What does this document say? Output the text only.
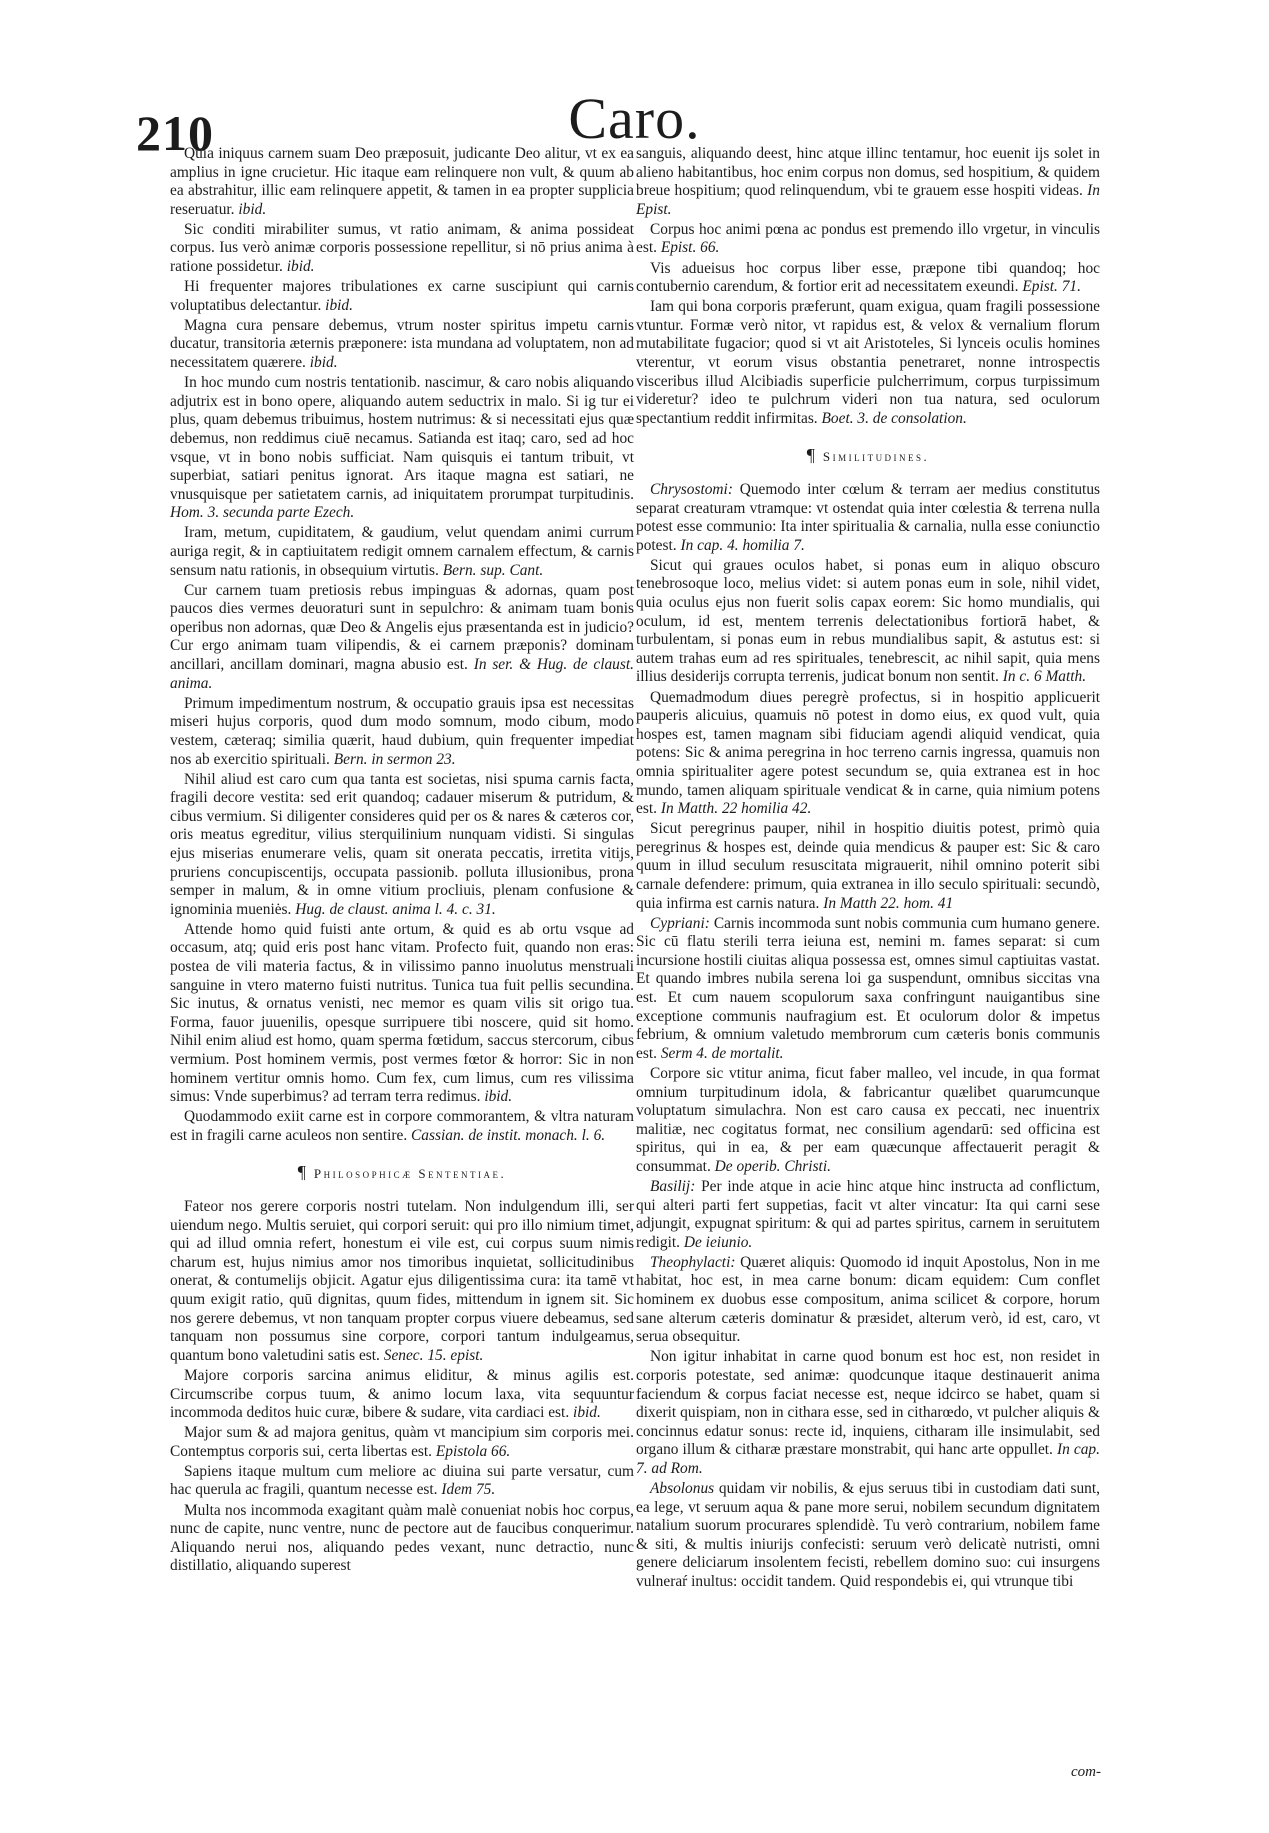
210	Caro.

Quia iniquus carnem suam Deo præposuit, judicante Deo alitur, vt ex ea amplius in igne crucietur. Hic itaque eam relinquere non vult, & quum ab ea abstrahitur, illic eam relinquere appetit, & tamen in ea propter supplicia reseruatur. ibid.

Sic conditi mirabiliter sumus, vt ratio animam, & anima possideat corpus. Ius verò animæ corporis possessione repellitur, si nō prius anima à ratione possidetur. ibid.

Hi frequenter majores tribulationes ex carne suscipiunt qui carnis voluptatibus delectantur. ibid.

Magna cura pensare debemus, vtrum noster spiritus impetu carnis ducatur, transitoria æternis præponere: ista mundana ad voluptatem, non ad necessitatem quærere. ibid.

In hoc mundo cum nostris tentationib. nascimur, & caro nobis aliquando adjutrix est in bono opere, aliquando autem seductrix in malo. Si ig tur ei plus, quam debemus tribuimus, hostem nutrimus: & si necessitati ejus quæ debemus, non reddimus ciuē necamus. Satianda est itaq; caro, sed ad hoc vsque, vt in bono nobis sufficiat. Nam quisquis ei tantum tribuit, vt superbiat, satiari penitus ignorat. Ars itaque magna est satiari, ne vnusquisque per satietatem carnis, ad iniquitatem prorumpat turpitudinis. Hom. 3. secunda parte Ezech.

Iram, metum, cupiditatem, & gaudium, velut quendam animi currum auriga regit, & in captiuitatem redigit omnem carnalem effectum, & carnis sensum natu rationis, in obsequium virtutis. Bern. sup. Cant.

Cur carnem tuam pretiosis rebus impinguas & adornas, quam post paucos dies vermes deuoraturi sunt in sepulchro: & animam tuam bonis operibus non adornas, quæ Deo & Angelis ejus præsentanda est in judicio? Cur ergo animam tuam vilipendis, & ei carnem præponis? dominam ancillari, ancillam dominari, magna abusio est. In ser. & Hug. de claust. anima.

Primum impedimentum nostrum, & occupatio grauis ipsa est necessitas miseri hujus corporis, quod dum modo somnum, modo cibum, modo vestem, cæteraq; similia quærit, haud dubium, quin frequenter impediat nos ab exercitio spirituali. Bern. in sermon 23.

Nihil aliud est caro cum qua tanta est societas, nisi spuma carnis facta, fragili decore vestita: sed erit quandoq; cadauer miserum & putridum, & cibus vermium. Si diligenter consideres quid per os & nares & cæteros cor, oris meatus egreditur, vilius sterquilinium nunquam vidisti. Si singulas ejus miserias enumerare velis, quam sit onerata peccatis, irretita vitijs, pruriens concupiscentijs, occupata passionib. polluta illusionibus, prona semper in malum, & in omne vitium procliuis, plenam confusione & ignominia mueniės. Hug. de claust. anima l. 4. c. 31.

Attende homo quid fuisti ante ortum, & quid es ab ortu vsque ad occasum, atq; quid eris post hanc vitam. Profecto fuit, quando non eras: postea de vili materia factus, & in vilissimo panno inuolutus menstruali sanguine in vtero materno fuisti nutritus. Tunica tua fuit pellis secundina. Sic inutus, & ornatus venisti, nec memor es quam vilis sit origo tua. Forma, fauor juuenilis, opesque surripuere tibi noscere, quid sit homo. Nihil enim aliud est homo, quam sperma fœtidum, saccus stercorum, cibus vermium. Post hominem vermis, post vermes fœtor & horror: Sic in non hominem vertitur omnis homo. Cum fex, cum limus, cum res vilissima simus: Vnde superbimus? ad terram terra redimus. ibid.

Quodammodo exiit carne est in corpore commorantem, & vltra naturam est in fragili carne aculeos non sentire. Cassian. de instit. monach. l. 6.

¶ Philosophicæ Sententiae.

Fateor nos gerere corporis nostri tutelam. Non indulgendum illi, ser uiendum nego. Multis seruiet, qui corpori seruit: qui pro illo nimium timet, qui ad illud omnia refert, honestum ei vile est, cui corpus suum nimis charum est, hujus nimius amor nos timoribus inquietat, sollicitudinibus onerat, & contumelijs objicit. Agatur ejus diligentissima cura: ita tamē vt quum exigit ratio, quū dignitas, quum fides, mittendum in ignem sit. Sic nos gerere debemus, vt non tanquam propter corpus viuere debeamus, sed tanquam non possumus sine corpore, corpori tantum indulgeamus, quantum bono valetudini satis est. Senec. 15. epist.

Majore corporis sarcina animus eliditur, & minus agilis est. Circumscribe corpus tuum, & animo locum laxa, vita sequuntur incommoda deditos huic curæ, bibere & sudare, vita cardiaci est. ibid.

Major sum & ad majora genitus, quàm vt mancipium sim corporis mei. Contemptus corporis sui, certa libertas est. Epistola 66.

Sapiens itaque multum cum meliore ac diuina sui parte versatur, cum hac querula ac fragili, quantum necesse est. Idem 75.

Multa nos incommoda exagitant quàm malè conueniat nobis hoc corpus, nunc de capite, nunc ventre, nunc de pectore aut de faucibus conquerimur. Aliquando nerui nos, aliquando pedes vexant, nunc detractio, nunc distillatio, aliquando superest

sanguis, aliquando deest, hinc atque illinc tentamur, hoc euenit ijs solet in alieno habitantibus, hoc enim corpus non domus, sed hospitium, & quidem breue hospitium; quod relinquendum, vbi te grauem esse hospiti videas. In Epist.

Corpus hoc animi pœna ac pondus est premendo illo vrgetur, in vinculis est. Epist. 66.

Vis adueisus hoc corpus liber esse, præpone tibi quandoq; hoc contubernio carendum, & fortior erit ad necessitatem exeundi. Epist. 71.

Iam qui bona corporis præferunt, quam exigua, quam fragili possessione vtuntur. Formæ verò nitor, vt rapidus est, & velox & vernalium florum mutabilitate fugacior; quod si vt ait Aristoteles, Si lynceis oculis homines vterentur, vt eorum visus obstantia penetraret, nonne introspectis visceribus illud Alcibiadis superficie pulcherrimum, corpus turpissimum videretur? ideo te pulchrum videri non tua natura, sed oculorum spectantium reddit infirmitas. Boet. 3. de consolation.

¶ Similitudines.

Chrysostomi: Quemodo inter cœlum & terram aer medius constitutus separat creaturam vtramque: vt ostendat quia inter cœlestia & terrena nulla potest esse communio: Ita inter spiritualia & carnalia, nulla esse coniunctio potest. In cap. 4. homilia 7.

Sicut qui graues oculos habet, si ponas eum in aliquo obscuro tenebrosoque loco, melius videt: si autem ponas eum in sole, nihil videt, quia oculus ejus non fuerit solis capax eorem: Sic homo mundialis, qui oculum, id est, mentem terrenis delectationibus fortiorā habet, & turbulentam, si ponas eum in rebus mundialibus sapit, & astutus est: si autem trahas eum ad res spirituales, tenebrescit, ac nihil sapit, quia mens illius desiderijs corrupta terrenis, judicat bonum non sentit. In c. 6 Matth.

Quemadmodum diues peregrè profectus, si in hospitio applicuerit pauperis alicuius, quamuis nō potest in domo eius, ex quod vult, quia hospes est, tamen magnam sibi fiduciam agendi aliquid vendicat, quia potens: Sic & anima peregrina in hoc terreno carnis ingressa, quamuis non omnia spiritualiter agere potest secundum se, quia extranea est in hoc mundo, tamen aliquam spirituale vendicat & in carne, quia nimium potens est. In Matth. 22 homilia 42.

Sicut peregrinus pauper, nihil in hospitio diuitis potest, primò quia peregrinus & hospes est, deinde quia mendicus & pauper est: Sic & caro quum in illud seculum resuscitata migrauerit, nihil omnino poterit sibi carnale defendere: primum, quia extranea in illo seculo spirituali: secundò, quia infirma est carnis natura. In Matth 22. hom. 41

Cypriani: Carnis incommoda sunt nobis communia cum humano genere. Sic cū flatu sterili terra ieiuna est, nemini m. fames separat: si cum incursione hostili ciuitas aliqua possessa est, omnes simul captiuitas vastat. Et quando imbres nubila serena loi ga suspendunt, omnibus siccitas vna est. Et cum nauem scopulorum saxa confringunt nauigantibus sine exceptione communis naufragium est. Et oculorum dolor & impetus febrium, & omnium valetudo membrorum cum cæteris bonis communis est. Serm 4. de mortalit.

Corpore sic vtitur anima, ficut faber malleo, vel incude, in qua format omnium turpitudinum idola, & fabricantur quælibet quarumcunque voluptatum simulachra. Non est caro causa ex peccati, nec inuentrix malitiæ, nec cogitatus format, nec consilium agendarū: sed officina est spiritus, qui in ea, & per eam quæcunque affectauerit peragit & consummat. De operib. Christi.

Basilij: Per inde atque in acie hinc atque hinc instructa ad conflictum, qui alteri parti fert suppetias, facit vt alter vincatur: Ita qui carni sese adjungit, expugnat spiritum: & qui ad partes spiritus, carnem in seruitutem redigit. De ieiunio.

Theophylacti: Quæret aliquis: Quomodo id inquit Apostolus, Non in me habitat, hoc est, in mea carne bonum: dicam equidem: Cum conflet hominem ex duobus esse compositum, anima scilicet & corpore, horum sane alterum cæteris dominatur & præsidet, alterum verò, id est, caro, vt serua obsequitur.

Non igitur inhabitat in carne quod bonum est hoc est, non residet in corporis potestate, sed animæ: quodcunque itaque destinauerit anima faciendum & corpus faciat necesse est, neque idcirco se habet, quam si dixerit quispiam, non in cithara esse, sed in citharœdo, vt pulcher aliquis & concinnus edatur sonus: recte id, inquiens, citharam ille insimulabit, sed organo illum & citharæ præstare monstrabit, qui hanc arte oppullet. In cap. 7. ad Rom.

Absolonus quidam vir nobilis, & ejus seruus tibi in custodiam dati sunt, ea lege, vt seruum aqua & pane more serui, nobilem secundum dignitatem natalium suorum procurares splendidè. Tu verò contrarium, nobilem fame & siti, & multis iniurijs confecisti: seruum verò delicatè nutristi, omni genere deliciarum insolentem fecisti, rebellem domino suo: cui insurgens vulneraŕ inultus: occidit tandem. Quid respondebis ei, qui vtrunque tibi

com-
